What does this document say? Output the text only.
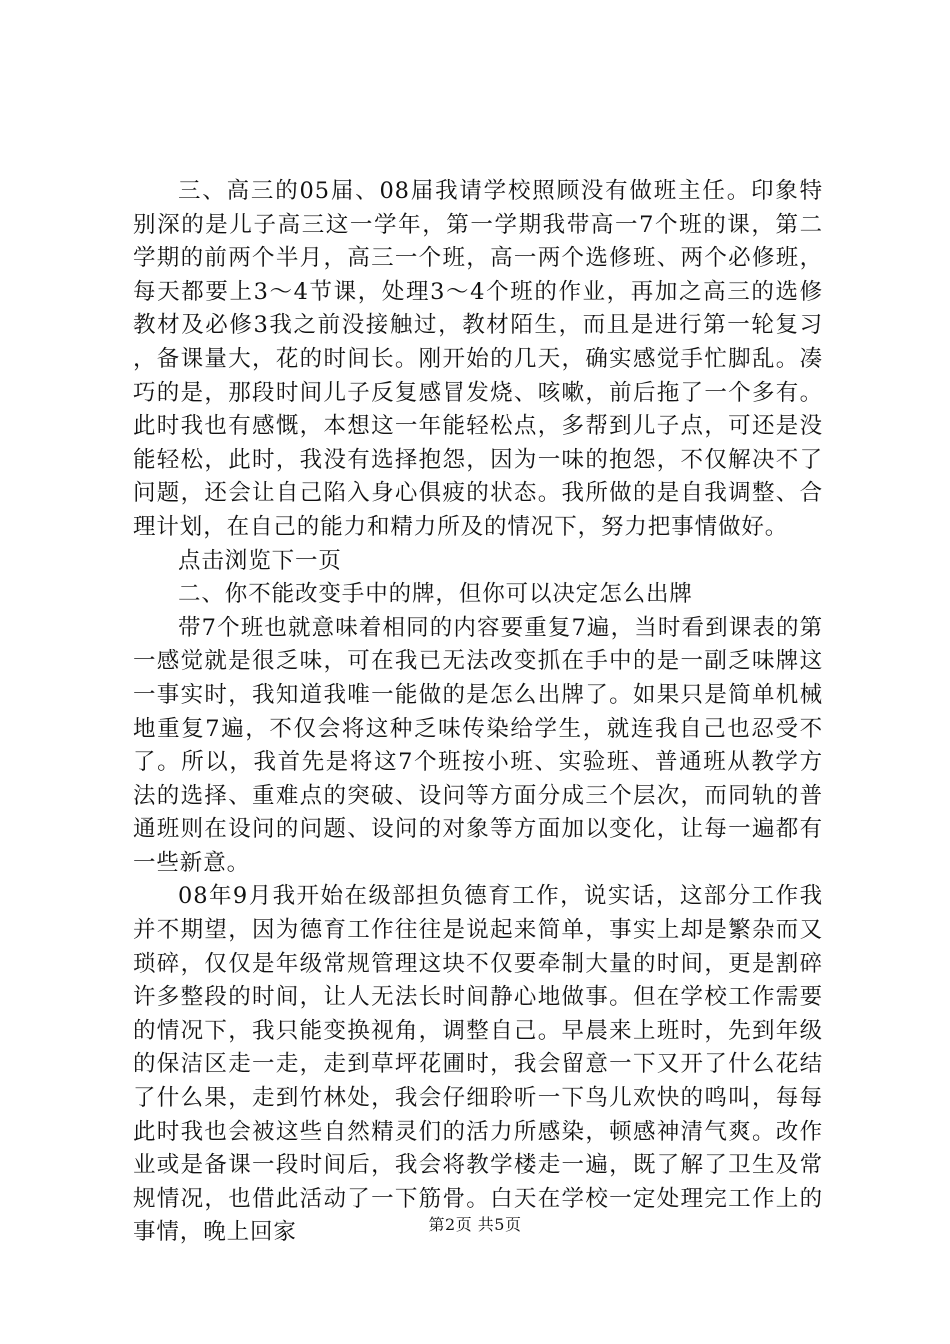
三、高三的05届、08届我请学校照顾没有做班主任。印象特别深的是儿子高三这一学年，第一学期我带高一7个班的课，第二学期的前两个半月，高三一个班，高一两个选修班、两个必修班，每天都要上3～4节课，处理3～4个班的作业，再加之高三的选修教材及必修3我之前没接触过，教材陌生，而且是进行第一轮复习，备课量大，花的时间长。刚开始的几天，确实感觉手忙脚乱。凑巧的是，那段时间儿子反复感冒发烧、咳嗽，前后拖了一个多有。此时我也有感慨，本想这一年能轻松点，多帮到儿子点，可还是没能轻松，此时，我没有选择抱怨，因为一味的抱怨，不仅解决不了问题，还会让自己陷入身心俱疲的状态。我所做的是自我调整、合理计划，在自己的能力和精力所及的情况下，努力把事情做好。

点击浏览下一页

二、你不能改变手中的牌，但你可以决定怎么出牌

带7个班也就意味着相同的内容要重复7遍，当时看到课表的第一感觉就是很乏味，可在我已无法改变抓在手中的是一副乏味牌这一事实时，我知道我唯一能做的是怎么出牌了。如果只是简单机械地重复7遍，不仅会将这种乏味传染给学生，就连我自己也忍受不了。所以，我首先是将这7个班按小班、实验班、普通班从教学方法的选择、重难点的突破、设问等方面分成三个层次，而同轨的普通班则在设问的问题、设问的对象等方面加以变化，让每一遍都有一些新意。

08年9月我开始在级部担负德育工作，说实话，这部分工作我并不期望，因为德育工作往往是说起来简单，事实上却是繁杂而又琐碎，仅仅是年级常规管理这块不仅要牵制大量的时间，更是割碎许多整段的时间，让人无法长时间静心地做事。但在学校工作需要的情况下，我只能变换视角，调整自己。早晨来上班时，先到年级的保洁区走一走，走到草坪花圃时，我会留意一下又开了什么花结了什么果，走到竹林处，我会仔细聆听一下鸟儿欢快的鸣叫，每每此时我也会被这些自然精灵们的活力所感染，顿感神清气爽。改作业或是备课一段时间后，我会将教学楼走一遍，既了解了卫生及常规情况，也借此活动了一下筋骨。白天在学校一定处理完工作上的事情，晚上回家	第2页 共5页
